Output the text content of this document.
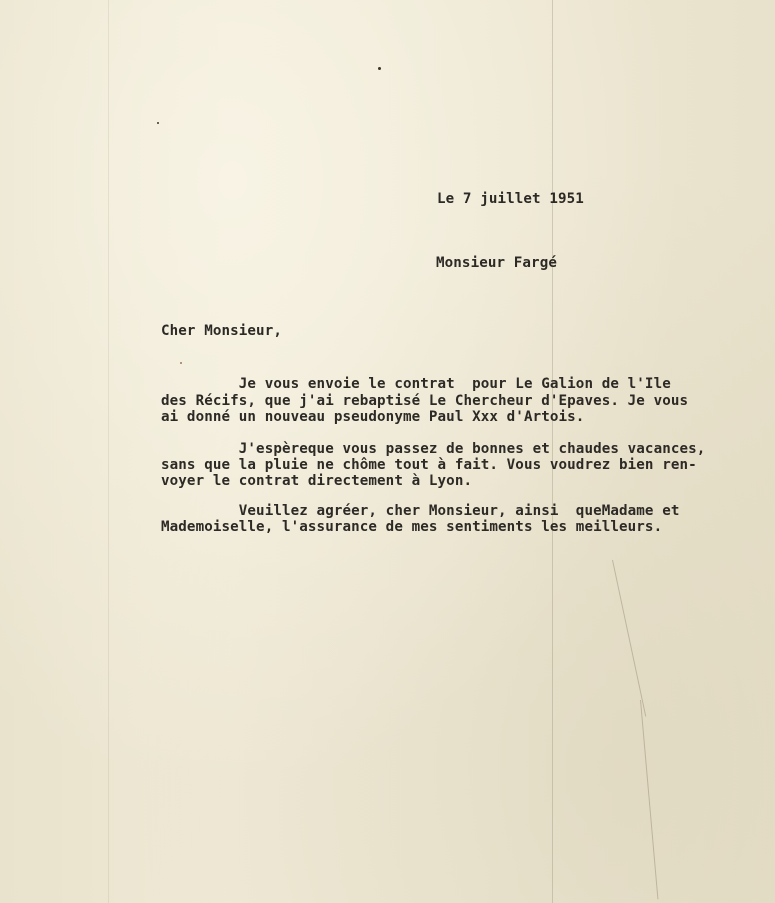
Le 7 juillet 1951
Monsieur Fargé
Cher Monsieur,
Je vous envoie le contrat  pour Le Galion de l'Ile
des Récifs, que j'ai rebaptisé Le Chercheur d'Epaves. Je vous
ai donné un nouveau pseudonyme Paul Xxx d'Artois.
J'espèreque vous passez de bonnes et chaudes vacances,
sans que la pluie ne chôme tout à fait. Vous voudrez bien ren-
voyer le contrat directement à Lyon.
Veuillez agréer, cher Monsieur, ainsi  queMadame et
Mademoiselle, l'assurance de mes sentiments les meilleurs.
